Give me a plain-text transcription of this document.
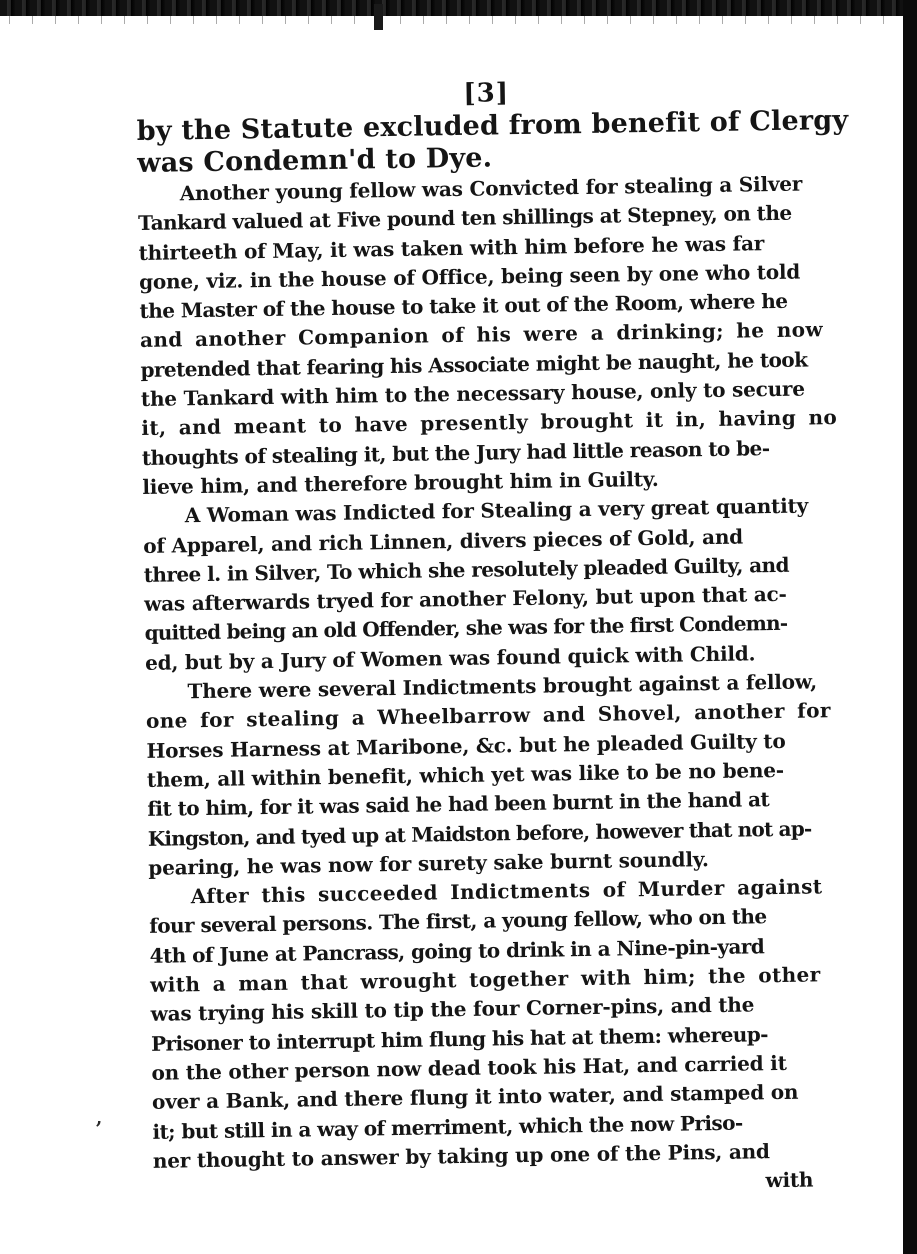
,
[3]
by the Statute excluded from benefit of Clergy
was Condemn'd to Dye.
Another young fellow was Convicted for stealing a Silver
Tankard valued at Five pound ten shillings at Stepney, on the
thirteeth of May, it was taken with him before he was far
gone, viz. in the house of Office, being seen by one who told
the Master of the house to take it out of the Room, where he
and another Companion of his were a drinking; he now
pretended that fearing his Associate might be naught, he took
the Tankard with him to the necessary house, only to secure
it, and meant to have presently brought it in, having no
thoughts of stealing it, but the Jury had little reason to be-
lieve him, and therefore brought him in Guilty.
A Woman was Indicted for Stealing a very great quantity
of Apparel, and rich Linnen, divers pieces of Gold, and
three l. in Silver, To which she resolutely pleaded Guilty, and
was afterwards tryed for another Felony, but upon that ac-
quitted being an old Offender, she was for the first Condemn-
ed, but by a Jury of Women was found quick with Child.
There were several Indictments brought against a fellow,
one for stealing a Wheelbarrow and Shovel, another for
Horses Harness at Maribone, &c. but he pleaded Guilty to
them, all within benefit, which yet was like to be no bene-
fit to him, for it was said he had been burnt in the hand at
Kingston, and tyed up at Maidston before, however that not ap-
pearing, he was now for surety sake burnt soundly.
After this succeeded Indictments of Murder against
four several persons. The first, a young fellow, who on the
4th of June at Pancrass, going to drink in a Nine-pin-yard
with a man that wrought together with him; the other
was trying his skill to tip the four Corner-pins, and the
Prisoner to interrupt him flung his hat at them: whereup-
on the other person now dead took his Hat, and carried it
over a Bank, and there flung it into water, and stamped on
it; but still in a way of merriment, which the now Priso-
ner thought to answer by taking up one of the Pins, and
with
